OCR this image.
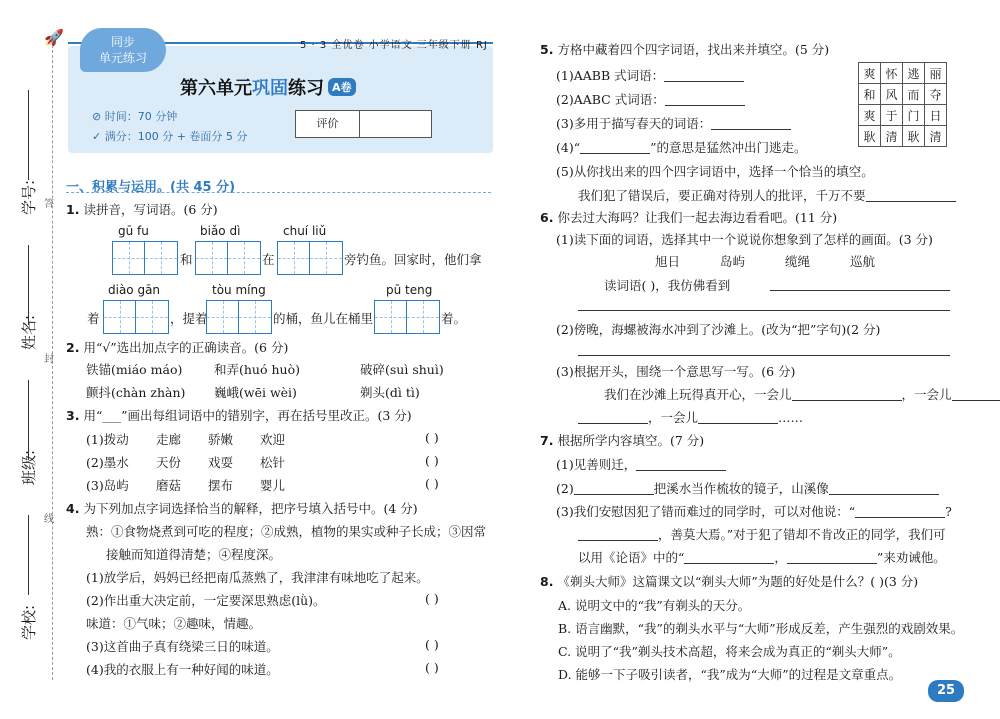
🚀
学号:
姓名:
班级:
学校:
答
封
线
同步
单元练习
5 · 3 全优卷 小学语文 三年级下册 RJ
第六单元巩固练习 A卷
⊘ 时间：70 分钟
✓ 满分：100 分 + 卷面分 5 分
评价
一、积累与运用。(共 45 分)
1. 读拼音，写词语。(6 分)
gū fu	biǎo dì	chuí liǔ
和	在	旁钓鱼。回家时，他们拿
diào gān	tòu míng	pū teng
着	，提着	的桶，鱼儿在桶里	着。
2. 用“√”选出加点字的正确读音。(6 分)
铁锚(miáo máo)	和弄(huó huò)	破碎(suì shuì)
颤抖(chàn zhàn) 巍峨(wēi wèi)	剃头(dì tì)
3. 用“___”画出每组词语中的错别字，再在括号里改正。(3 分)
(1)拨动 走廊 骄嫩 欢迎	( )
(2)墨水 天份 戏耍 松针	( )
(3)岛屿 磨菇 摆布 婴儿	( )
4. 为下列加点字词选择恰当的解释，把序号填入括号中。(4 分)
熟：①食物烧煮到可吃的程度；②成熟，植物的果实或种子长成；③因常
接触而知道得清楚；④程度深。
(1)放学后，妈妈已经把南瓜蒸熟了，我津津有味地吃了起来。
(2)作出重大决定前，一定要深思熟虑(lǜ)。	( )
味道：①气味；②趣味，情趣。
(3)这首曲子真有绕梁三日的味道。	( )
(4)我的衣服上有一种好闻的味道。	( )
5. 方格中藏着四个四字词语，找出来并填空。(5 分)
爽	怀	逃	丽
和	风	而	夺
爽	于	门	日
耿	清	耿	清
(1)AABB 式词语：
(2)AABC 式词语：
(3)多用于描写春天的词语：
(4)“	”的意思是猛然冲出门逃走。
(5)从你找出来的四个四字词语中，选择一个恰当的填空。
我们犯了错误后，要正确对待别人的批评，千万不要
6. 你去过大海吗？让我们一起去海边看看吧。(11 分)
(1)读下面的词语，选择其中一个说说你想象到了怎样的画面。(3 分)
旭日	岛屿	缆绳	巡航
读词语( )，我仿佛看到
(2)傍晚，海螺被海水冲到了沙滩上。(改为“把”字句)(2 分)
(3)根据开头，围绕一个意思写一写。(6 分)
我们在沙滩上玩得真开心，一会儿	，一会儿
，一会儿	……
7. 根据所学内容填空。(7 分)
(1)见善则迁，
(2)	把溪水当作梳妆的镜子，山溪像
(3)我们安慰因犯了错而难过的同学时，可以对他说：“	?
，善莫大焉。”对于犯了错却不肯改正的同学，我们可
以用《论语》中的“	，	”来劝诫他。
8. 《剃头大师》这篇课文以“剃头大师”为题的好处是什么？( )(3 分)
A. 说明文中的“我”有剃头的天分。
B. 语言幽默，“我”的剃头水平与“大师”形成反差，产生强烈的戏剧效果。
C. 说明了“我”剃头技术高超，将来会成为真正的“剃头大师”。
D. 能够一下子吸引读者，“我”成为“大师”的过程是文章重点。
25
